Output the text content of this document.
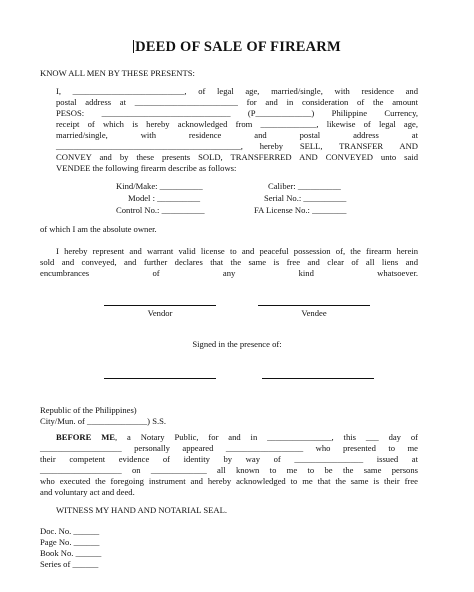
DEED OF SALE OF FIREARM
KNOW ALL MEN BY THESE PRESENTS:
I, __________________________, of legal age, married/single, with residence and
postal address at ________________________ for and in consideration of the amount
PESOS: ______________________________ (P_____________) Philippine Currency,
receipt of which is hereby acknowledged from _____________, likewise of legal age,
married/single, with residence and postal address at
___________________________________________, hereby SELL, TRANSFER AND
CONVEY and by these presents SOLD, TRANSFERRED AND CONVEYED unto said
VENDEE the following firearm describe as follows:
Kind/Make: __________
Model : __________
Control No.: __________
Caliber: __________
Serial No.: __________
FA License No.: ________
of which I am the absolute owner.
I hereby represent and warrant valid license to and peaceful possession of, the firearm herein
sold and conveyed, and further declares that the same is free and clear of all liens and
encumbrances of any kind whatsoever.
Vendor	Vendee
Signed in the presence of:
Republic of the Philippines)
City/Mun. of ______________) S.S.
BEFORE ME, a Notary Public, for and in _______________, this ___ day of
___________________ personally appeared __________________ who presented to me
their competent evidence of identity by way of ________________ issued at
___________________ on _____________ all known to me to be the same persons
who executed the foregoing instrument and hereby acknowledged to me that the same is their free
and voluntary act and deed.
WITNESS MY HAND AND NOTARIAL SEAL.
Doc. No. ______
Page No. ______
Book No. ______
Series of ______
